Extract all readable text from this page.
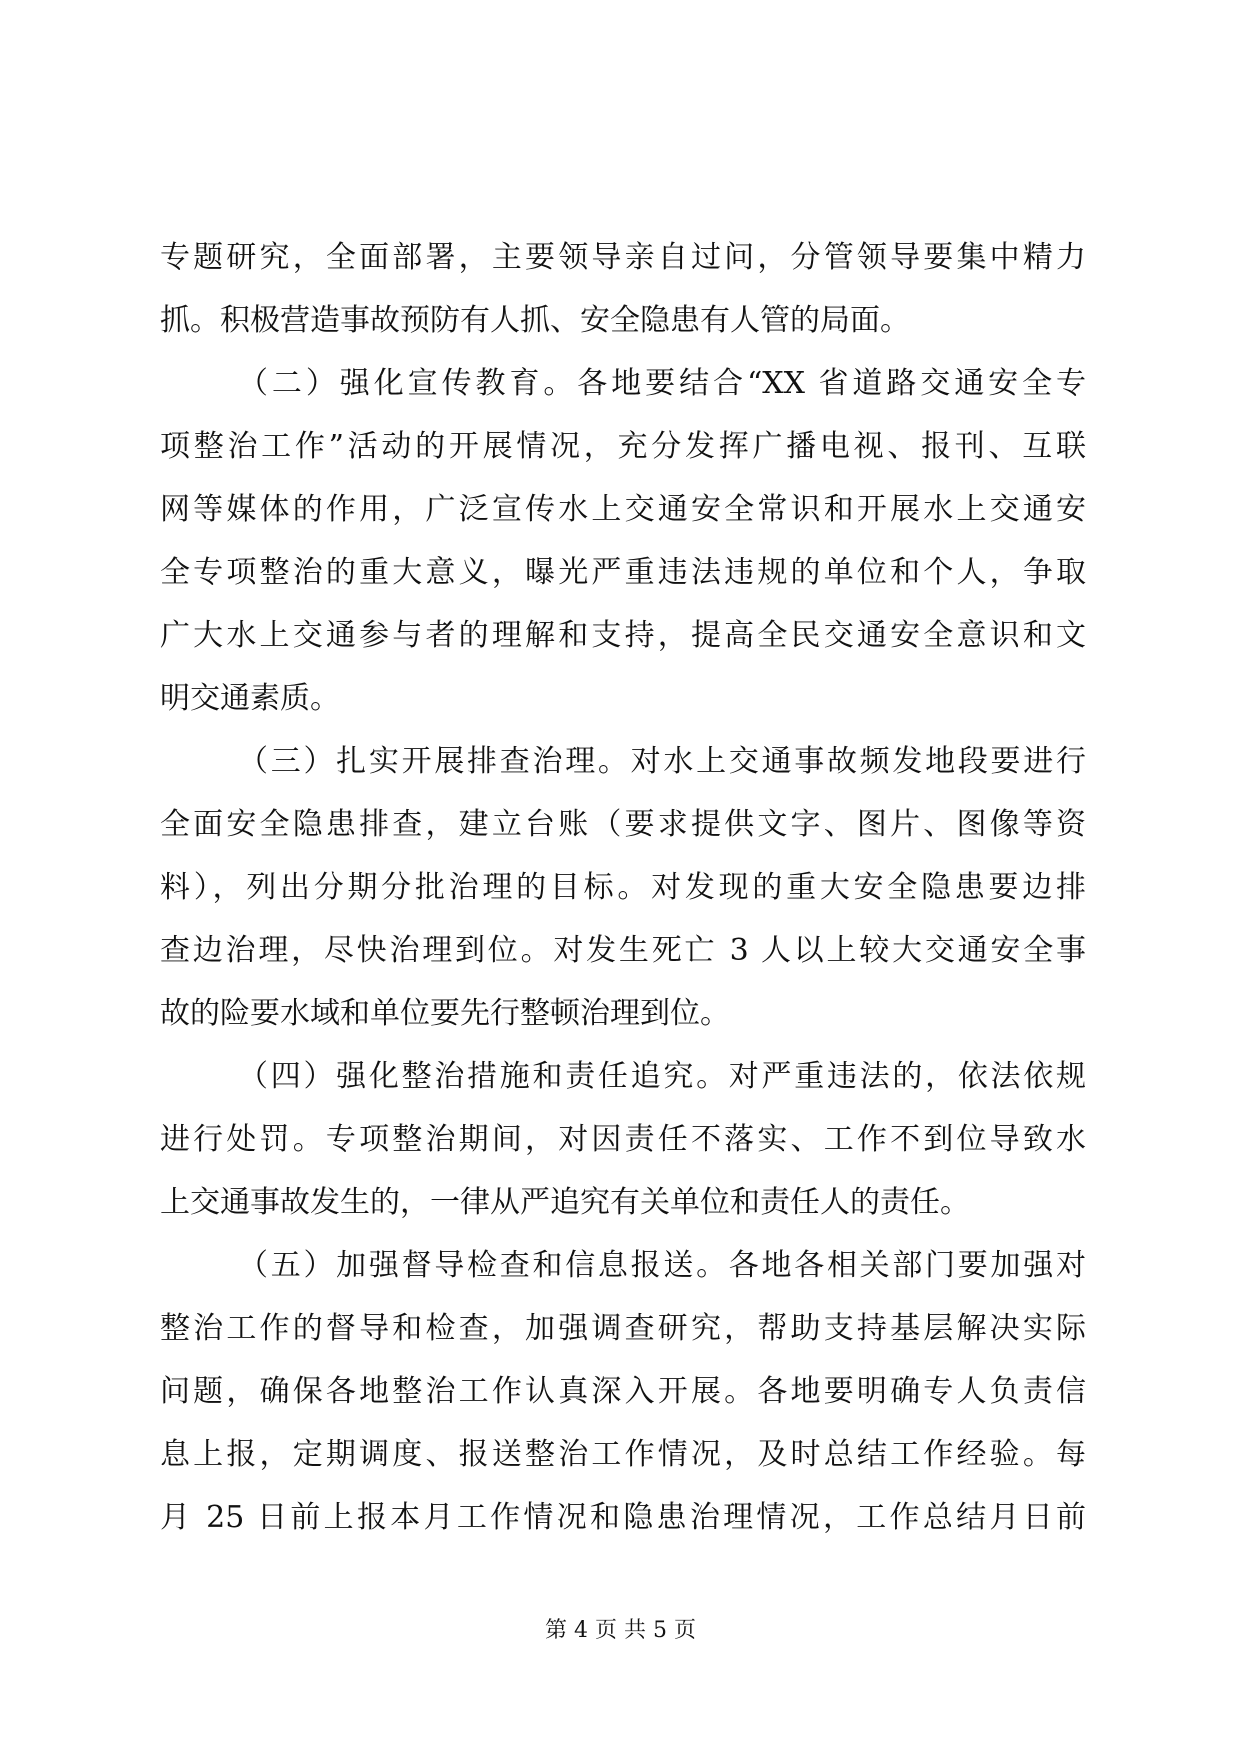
专题研究，全面部署，主要领导亲自过问，分管领导要集中精力
抓。积极营造事故预防有人抓、安全隐患有人管的局面。
（二）强化宣传教育。各地要结合“XX 省道路交通安全专
项整治工作”活动的开展情况，充分发挥广播电视、报刊、互联
网等媒体的作用，广泛宣传水上交通安全常识和开展水上交通安
全专项整治的重大意义，曝光严重违法违规的单位和个人，争取
广大水上交通参与者的理解和支持，提高全民交通安全意识和文
明交通素质。
（三）扎实开展排查治理。对水上交通事故频发地段要进行
全面安全隐患排查，建立台账（要求提供文字、图片、图像等资
料），列出分期分批治理的目标。对发现的重大安全隐患要边排
查边治理，尽快治理到位。对发生死亡 3 人以上较大交通安全事
故的险要水域和单位要先行整顿治理到位。
（四）强化整治措施和责任追究。对严重违法的，依法依规
进行处罚。专项整治期间，对因责任不落实、工作不到位导致水
上交通事故发生的，一律从严追究有关单位和责任人的责任。
（五）加强督导检查和信息报送。各地各相关部门要加强对
整治工作的督导和检查，加强调查研究，帮助支持基层解决实际
问题，确保各地整治工作认真深入开展。各地要明确专人负责信
息上报，定期调度、报送整治工作情况，及时总结工作经验。每
月 25 日前上报本月工作情况和隐患治理情况，工作总结月日前
第 4 页 共 5 页
